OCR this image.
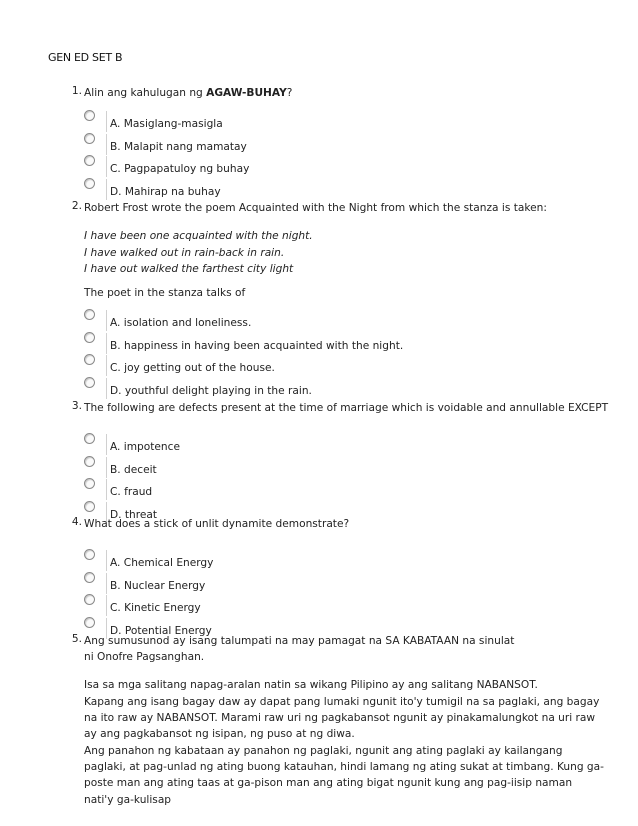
GEN ED SET B
1. Alin ang kahulugan ng AGAW-BUHAY?
A. Masiglang-masigla
B. Malapit nang mamatay
C. Pagpapatuloy ng buhay
D. Mahirap na buhay
2. Robert Frost wrote the poem Acquainted with the Night from which the stanza is taken:
I have been one acquainted with the night.
I have walked out in rain-back in rain.
I have out walked the farthest city light
The poet in the stanza talks of
A. isolation and loneliness.
B. happiness in having been acquainted with the night.
C. joy getting out of the house.
D. youthful delight playing in the rain.
3. The following are defects present at the time of marriage which is voidable and annullable EXCEPT
A. impotence
B. deceit
C. fraud
D. threat
4. What does a stick of unlit dynamite demonstrate?
A. Chemical Energy
B. Nuclear Energy
C. Kinetic Energy
D. Potential Energy
5. Ang sumusunod ay isang talumpati na may pamagat na SA KABATAAN na sinulat ni Onofre Pagsanghan.
Isa sa mga salitang napag-aralan natin sa wikang Pilipino ay ang salitang NABANSOT.
Kapang ang isang bagay daw ay dapat pang lumaki ngunit ito'y tumigil na sa paglaki, ang bagay na ito raw ay NABANSOT. Marami raw uri ng pagkabansot ngunit ay pinakamalungkot na uri raw ay ang pagkabansot ng isipan, ng puso at ng diwa.
Ang panahon ng kabataan ay panahon ng paglaki, ngunit ang ating paglaki ay kailangang paglaki, at pag-unlad ng ating buong katauhan, hindi lamang ng ating sukat at timbang. Kung ga-poste man ang ating taas at ga-pison man ang ating bigat ngunit kung ang pag-iisip naman nati'y ga-kulisap
